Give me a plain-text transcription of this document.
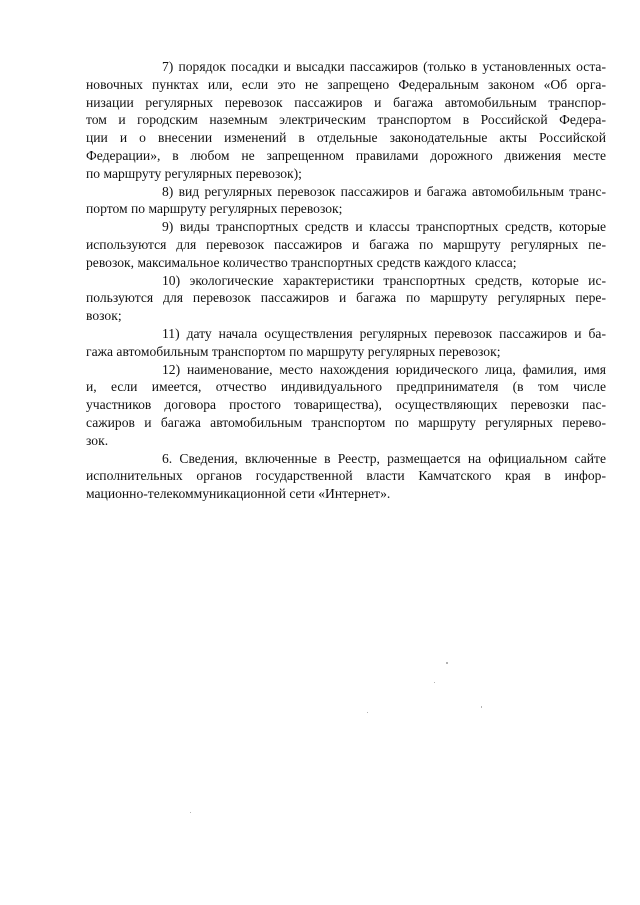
7) порядок посадки и высадки пассажиров (только в установленных оста-
новочных пунктах или, если это не запрещено Федеральным законом «Об орга-
низации регулярных перевозок пассажиров и багажа автомобильным транспор-
том и городским наземным электрическим транспортом в Российской Федера-
ции и о внесении изменений в отдельные законодательные акты Российской
Федерации», в любом не запрещенном правилами дорожного движения месте
по маршруту регулярных перевозок);

8) вид регулярных перевозок пассажиров и багажа автомобильным транс-
портом по маршруту регулярных перевозок;

9) виды транспортных средств и классы транспортных средств, которые
используются для перевозок пассажиров и багажа по маршруту регулярных пе-
ревозок, максимальное количество транспортных средств каждого класса;

10) экологические характеристики транспортных средств, которые ис-
пользуются для перевозок пассажиров и багажа по маршруту регулярных пере-
возок;

11) дату начала осуществления регулярных перевозок пассажиров и ба-
гажа автомобильным транспортом по маршруту регулярных перевозок;

12) наименование, место нахождения юридического лица, фамилия, имя
и, если имеется, отчество индивидуального предпринимателя (в том числе
участников договора простого товарищества), осуществляющих перевозки пас-
сажиров и багажа автомобильным транспортом по маршруту регулярных перево-
зок.

6. Сведения, включенные в Реестр, размещается на официальном сайте
исполнительных органов государственной власти Камчатского края в инфор-
мационно-телекоммуникационной сети «Интернет».
